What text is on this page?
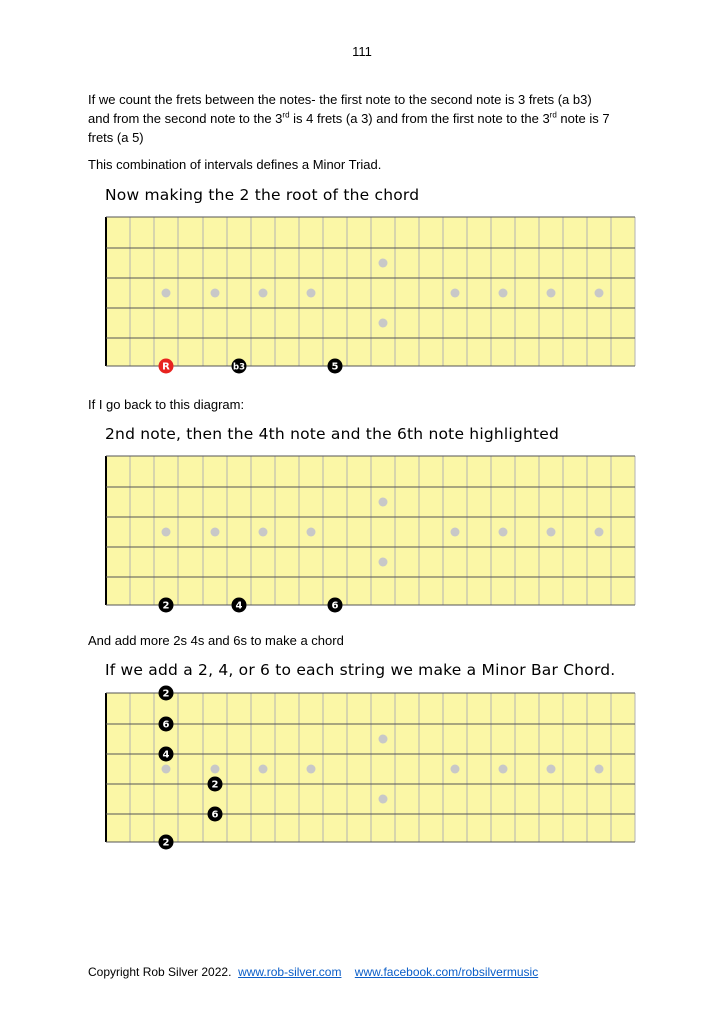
111
If we count the frets between the notes- the first note to the second note is 3 frets (a b3)
and from the second note to the 3rd is 4 frets (a 3) and from the first note to the 3rd note is 7
frets (a 5)
This combination of intervals defines a Minor Triad.
Now making the 2 the root of the chord
R	b3	5
If I go back to this diagram:
2nd note, then the 4th note and the 6th note highlighted
2	4	6
And add more 2s 4s and 6s to make a chord
If we add a 2, 4, or 6 to each string we make a Minor Bar Chord.
2
6
4
2
6
2
Copyright Rob Silver 2022. www.rob-silver.com www.facebook.com/robsilvermusic
